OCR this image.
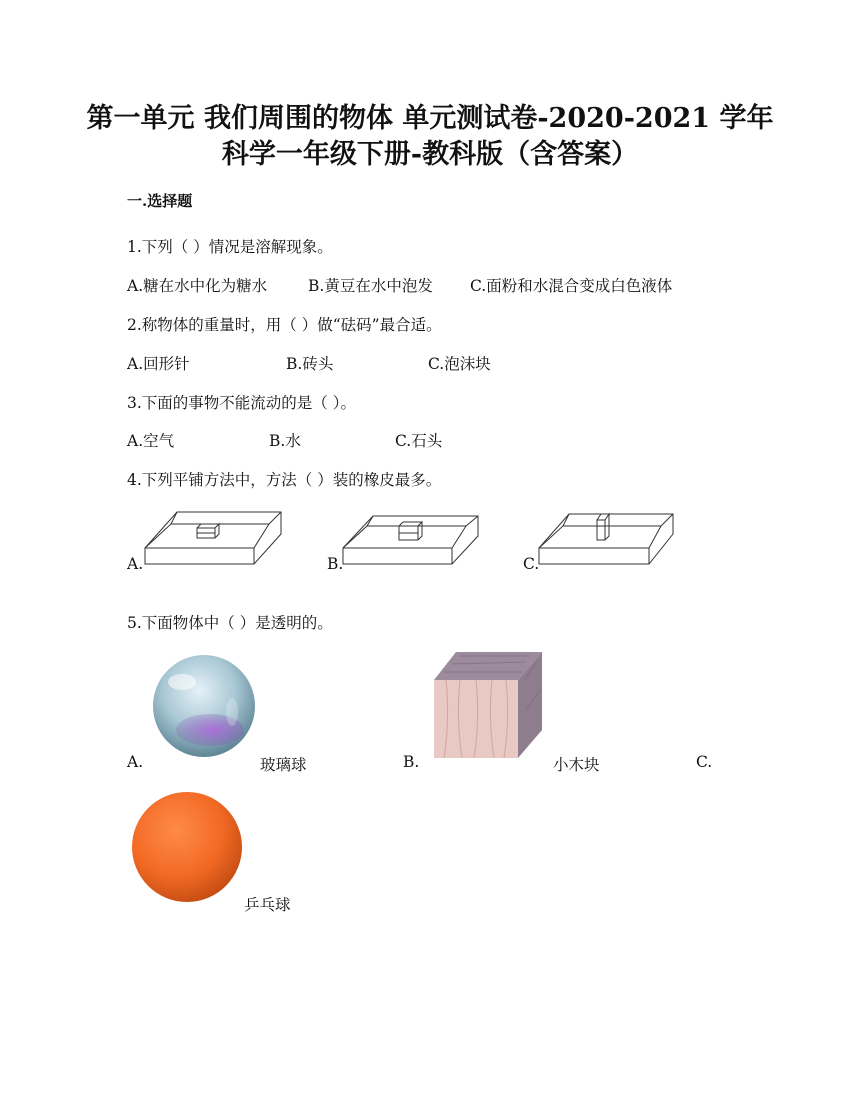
第一单元 我们周围的物体 单元测试卷-2020-2021 学年
科学一年级下册-教科版（含答案）
一.选择题
1.下列（ ）情况是溶解现象。
A.糖在水中化为糖水	B.黄豆在水中泡发 C.面粉和水混合变成白色液体
2.称物体的重量时，用（ ）做“砝码”最合适。
A.回形针	B.砖头	C.泡沫块
3.下面的事物不能流动的是（ ）。
A.空气	B.水	C.石头
4.下列平铺方法中，方法（ ）装的橡皮最多。
A.	B.	C.
5.下面物体中（ ）是透明的。
A.	玻璃球	B.	小木块	C.
乒乓球
